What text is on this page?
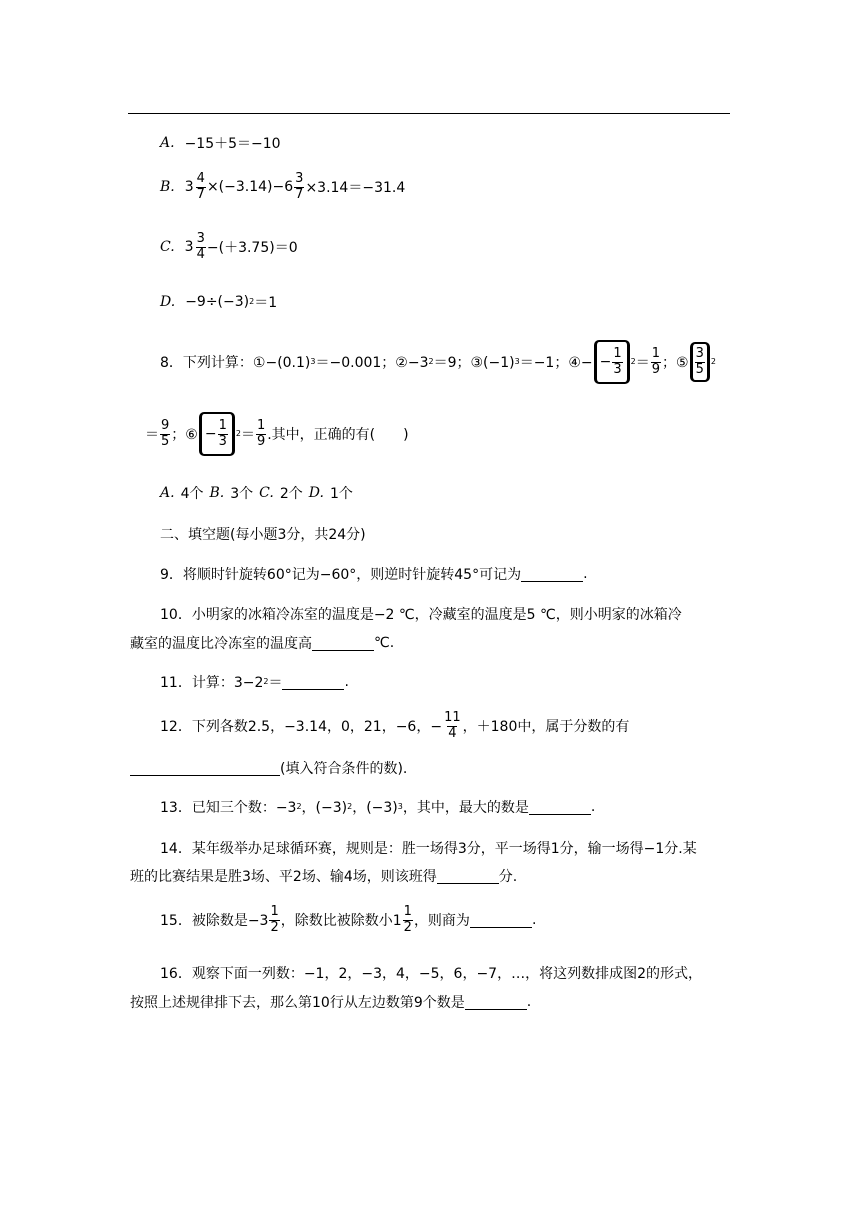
A. −15＋5＝−10
B. $3 \frac{4}{7} \times(-3.14)-6 \frac{3}{7} \times 3.14=-31.4$
C. $3 \frac{3}{4} -(+3.75)=0$
D. −9÷(−3) 2 ＝1
8．下列计算：①−(0.1) 3 ＝−0.001；②−3 2 ＝9；③(−1) 3 ＝−1；④− − $\frac{1}{3} 2 = \frac{1}{9}$ ；⑤ $\frac{3}{5} 2$
＝ $\frac{9}{5}$ ；⑥ − $\frac{1}{3} 2 = \frac{1}{9}$ .其中，正确的有(　　)
A. 4个 B. 3个 C. 2个 D. 1个
二、填空题(每小题3分，共24分)
9．将顺时针旋转60°记为−60°，则逆时针旋转45°可记为	.
10．小明家的冰箱冷冻室的温度是−2 ℃，冷藏室的温度是5 ℃，则小明家的冰箱冷
藏室的温度比冷冻室的温度高	℃.
11．计算：3−2 2 ＝	.
12．下列各数2.5，−3.14，0，21，−6，− $\frac{11}{4}$ ，＋180中，属于分数的有
(填入符合条件的数).
13．已知三个数：−3 2 ，(−3) 2 ，(−3) 3 ，其中，最大的数是	.
14．某年级举办足球循环赛，规则是：胜一场得3分，平一场得1分，输一场得−1分.某
班的比赛结果是胜3场、平2场、输4场，则该班得	分.
15．被除数是$-3 \frac{1}{2}$ ，除数比被除数小$1 \frac{1}{2}$ ，则商为	.
16．观察下面一列数：−1，2，−3，4，−5，6，−7，…，将这列数排成图2的形式，
按照上述规律排下去，那么第10行从左边数第9个数是	.
